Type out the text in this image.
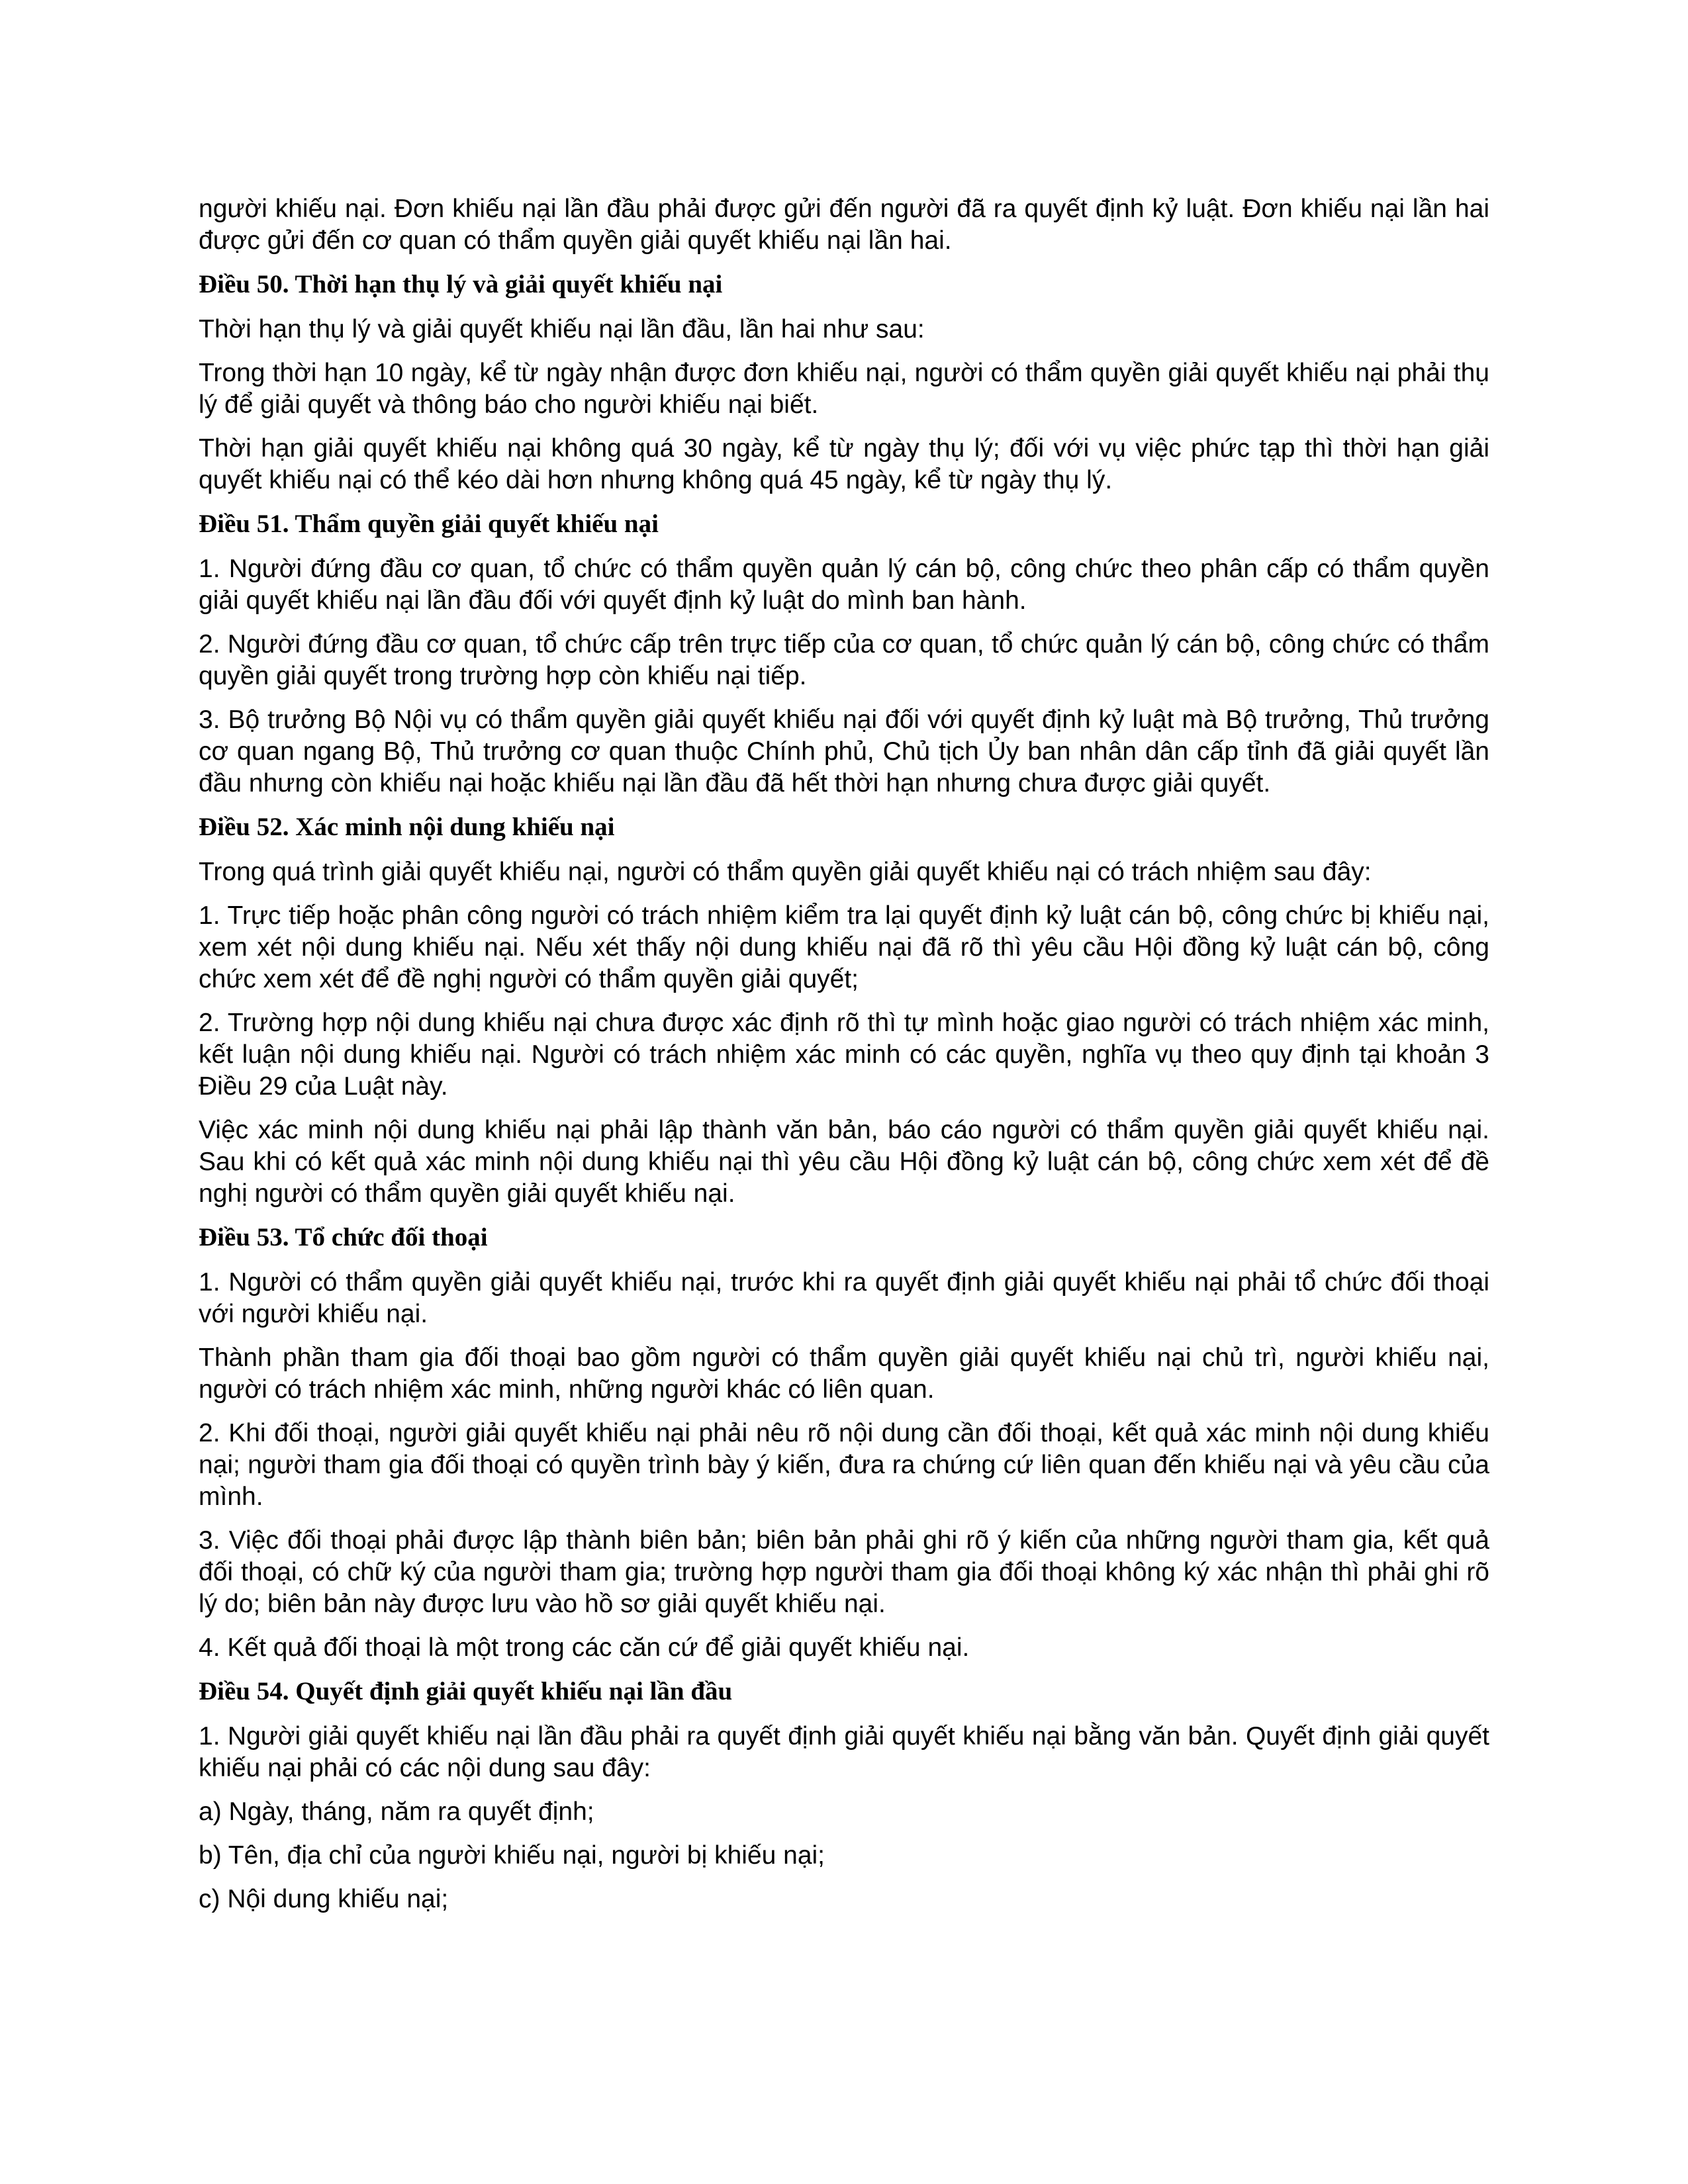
người khiếu nại. Đơn khiếu nại lần đầu phải được gửi đến người đã ra quyết định kỷ luật. Đơn khiếu nại lần hai được gửi đến cơ quan có thẩm quyền giải quyết khiếu nại lần hai.

Điều 50. Thời hạn thụ lý và giải quyết khiếu nại

Thời hạn thụ lý và giải quyết khiếu nại lần đầu, lần hai như sau:

Trong thời hạn 10 ngày, kể từ ngày nhận được đơn khiếu nại, người có thẩm quyền giải quyết khiếu nại phải thụ lý để giải quyết và thông báo cho người khiếu nại biết.

Thời hạn giải quyết khiếu nại không quá 30 ngày, kể từ ngày thụ lý; đối với vụ việc phức tạp thì thời hạn giải quyết khiếu nại có thể kéo dài hơn nhưng không quá 45 ngày, kể từ ngày thụ lý.

Điều 51. Thẩm quyền giải quyết khiếu nại

1. Người đứng đầu cơ quan, tổ chức có thẩm quyền quản lý cán bộ, công chức theo phân cấp có thẩm quyền giải quyết khiếu nại lần đầu đối với quyết định kỷ luật do mình ban hành.

2. Người đứng đầu cơ quan, tổ chức cấp trên trực tiếp của cơ quan, tổ chức quản lý cán bộ, công chức có thẩm quyền giải quyết trong trường hợp còn khiếu nại tiếp.

3. Bộ trưởng Bộ Nội vụ có thẩm quyền giải quyết khiếu nại đối với quyết định kỷ luật mà Bộ trưởng, Thủ trưởng cơ quan ngang Bộ, Thủ trưởng cơ quan thuộc Chính phủ, Chủ tịch Ủy ban nhân dân cấp tỉnh đã giải quyết lần đầu nhưng còn khiếu nại hoặc khiếu nại lần đầu đã hết thời hạn nhưng chưa được giải quyết.

Điều 52. Xác minh nội dung khiếu nại

Trong quá trình giải quyết khiếu nại, người có thẩm quyền giải quyết khiếu nại có trách nhiệm sau đây:

1. Trực tiếp hoặc phân công người có trách nhiệm kiểm tra lại quyết định kỷ luật cán bộ, công chức bị khiếu nại, xem xét nội dung khiếu nại. Nếu xét thấy nội dung khiếu nại đã rõ thì yêu cầu Hội đồng kỷ luật cán bộ, công chức xem xét để đề nghị người có thẩm quyền giải quyết;

2. Trường hợp nội dung khiếu nại chưa được xác định rõ thì tự mình hoặc giao người có trách nhiệm xác minh, kết luận nội dung khiếu nại. Người có trách nhiệm xác minh có các quyền, nghĩa vụ theo quy định tại khoản 3 Điều 29 của Luật này.

Việc xác minh nội dung khiếu nại phải lập thành văn bản, báo cáo người có thẩm quyền giải quyết khiếu nại. Sau khi có kết quả xác minh nội dung khiếu nại thì yêu cầu Hội đồng kỷ luật cán bộ, công chức xem xét để đề nghị người có thẩm quyền giải quyết khiếu nại.

Điều 53. Tổ chức đối thoại

1. Người có thẩm quyền giải quyết khiếu nại, trước khi ra quyết định giải quyết khiếu nại phải tổ chức đối thoại với người khiếu nại.

Thành phần tham gia đối thoại bao gồm người có thẩm quyền giải quyết khiếu nại chủ trì, người khiếu nại, người có trách nhiệm xác minh, những người khác có liên quan.

2. Khi đối thoại, người giải quyết khiếu nại phải nêu rõ nội dung cần đối thoại, kết quả xác minh nội dung khiếu nại; người tham gia đối thoại có quyền trình bày ý kiến, đưa ra chứng cứ liên quan đến khiếu nại và yêu cầu của mình.

3. Việc đối thoại phải được lập thành biên bản; biên bản phải ghi rõ ý kiến của những người tham gia, kết quả đối thoại, có chữ ký của người tham gia; trường hợp người tham gia đối thoại không ký xác nhận thì phải ghi rõ lý do; biên bản này được lưu vào hồ sơ giải quyết khiếu nại.

4. Kết quả đối thoại là một trong các căn cứ để giải quyết khiếu nại.

Điều 54. Quyết định giải quyết khiếu nại lần đầu

1. Người giải quyết khiếu nại lần đầu phải ra quyết định giải quyết khiếu nại bằng văn bản. Quyết định giải quyết khiếu nại phải có các nội dung sau đây:

a) Ngày, tháng, năm ra quyết định;

b) Tên, địa chỉ của người khiếu nại, người bị khiếu nại;

c) Nội dung khiếu nại;
